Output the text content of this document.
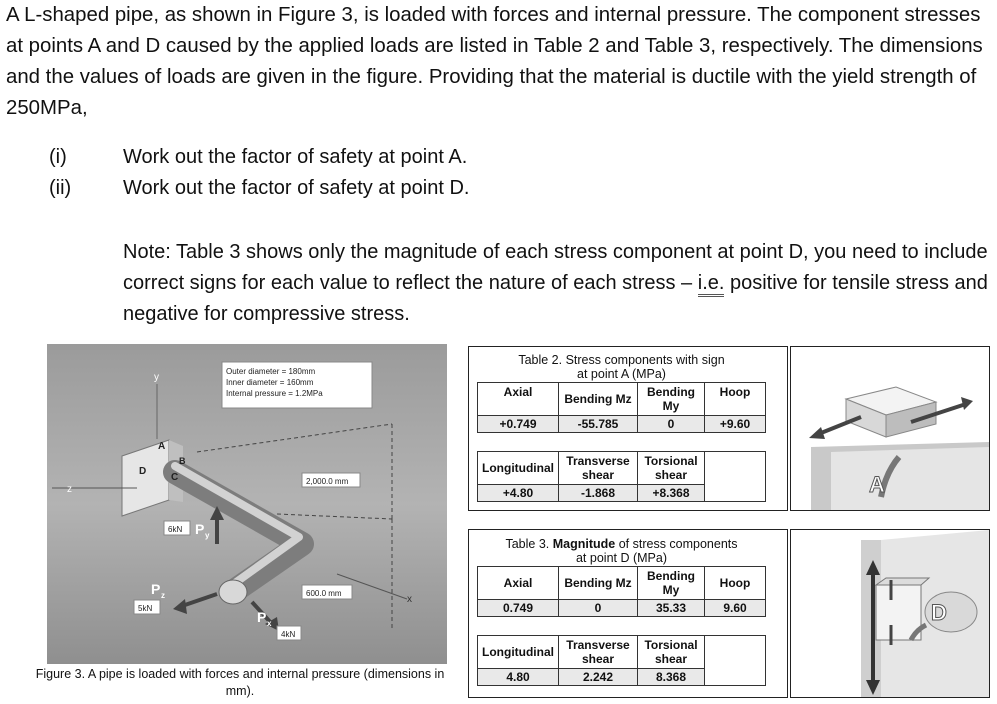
A L-shaped pipe, as shown in Figure 3, is loaded with forces and internal pressure. The component stresses at points A and D caused by the applied loads are listed in Table 2 and Table 3, respectively. The dimensions and the values of loads are given in the figure. Providing that the material is ductile with the yield strength of 250MPa,
(i)	Work out the factor of safety at point A.
(ii)	Work out the factor of safety at point D.
Note: Table 3 shows only the magnitude of each stress component at point D, you need to include correct signs for each value to reflect the nature of each stress – i.e. positive for tensile stress and negative for compressive stress.
Outer diameter = 180mm
Inner diameter = 160mm
Internal pressure = 1.2MPa
2,000.0 mm
600.0 mm
6kN
5kN
4kN
P y
P z
P x
y
z
x
A
B
C
D
Figure 3. A pipe is loaded with forces and internal pressure (dimensions in mm).
Table 2. Stress components with sign
at point A (MPa)			
Axial	Bending Mz	Bending My	Hoop

+0.749	-55.785	0	+9.60

Longitudinal	Transverse shear	Torsional shear	
+4.80	-1.868	+8.368	
Table 3. Magnitude of stress components
at point D (MPa)			
Axial	Bending Mz	Bending My	Hoop
0.749	0	35.33	9.60

Longitudinal	Transverse shear	Torsional shear	
4.80	2.242	8.368	
A
D
